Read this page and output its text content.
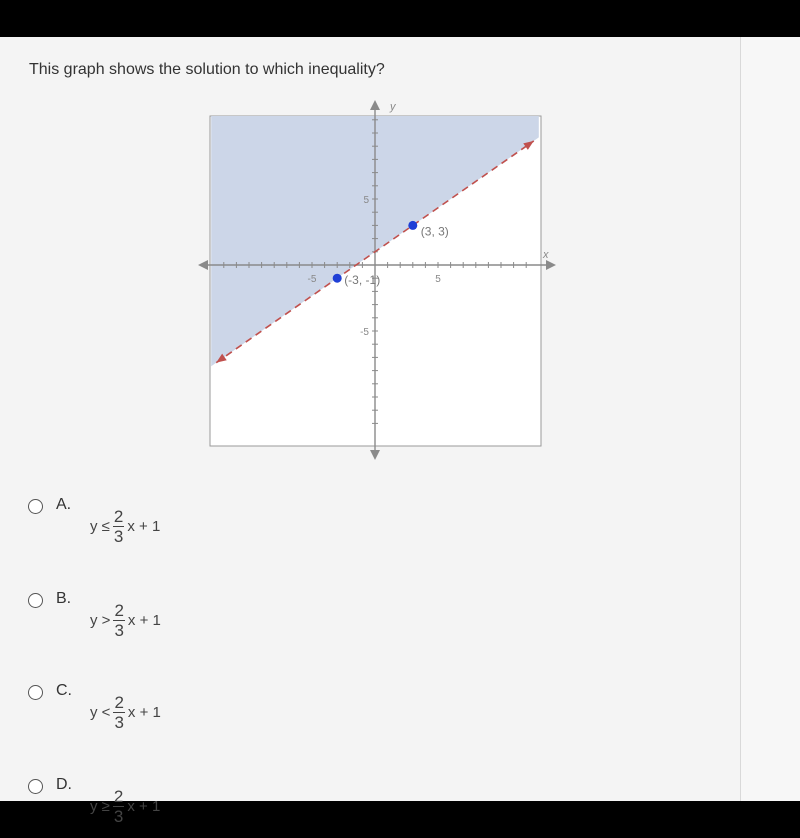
This graph shows the solution to which inequality?
x
y
-5	5
5
-5
(3, 3)
(-3, -1)
A.
$y \le \frac{2}{3}$ x + 1
B.
$y > \frac{2}{3}$ x + 1
C.
$y < \frac{2}{3}$ x + 1
D.
$y \ge \frac{2}{3}$ x + 1
